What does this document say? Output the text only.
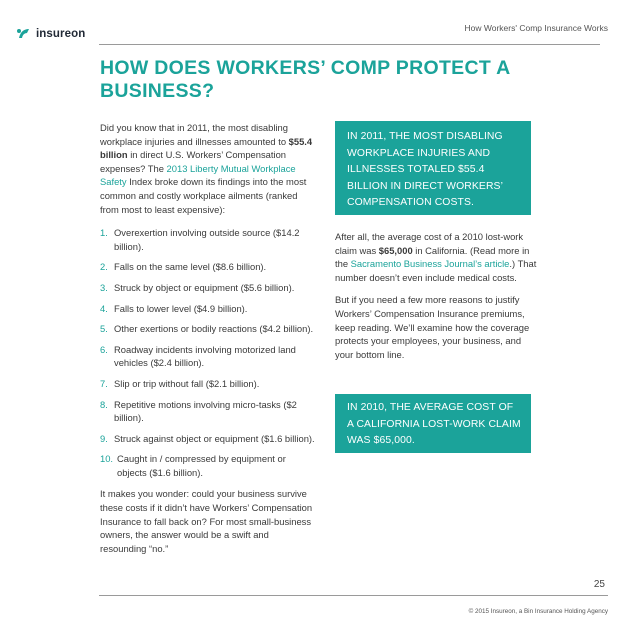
insureon	How Workers' Comp Insurance Works
HOW DOES WORKERS’ COMP PROTECT A BUSINESS?

Did you know that in 2011, the most disabling workplace injuries and illnesses amounted to $55.4 billion in direct U.S. Workers’ Compensation expenses? The 2013 Liberty Mutual Workplace Safety Index broke down its findings into the most common and costly workplace ailments (ranked from most to least expensive):

1. Overexertion involving outside source ($14.2 billion).
2. Falls on the same level ($8.6 billion).
3. Struck by object or equipment ($5.6 billion).
4. Falls to lower level ($4.9 billion).
5. Other exertions or bodily reactions ($4.2 billion).
6. Roadway incidents involving motorized land vehicles ($2.4 billion).
7. Slip or trip without fall ($2.1 billion).
8. Repetitive motions involving micro-tasks ($2 billion).
9. Struck against object or equipment ($1.6 billion).
10. Caught in / compressed by equipment or objects ($1.6 billion).

It makes you wonder: could your business survive these costs if it didn’t have Workers’ Compensation Insurance to fall back on? For most small-business owners, the answer would be a swift and resounding “no.”

IN 2011, THE MOST DISABLING WORKPLACE INJURIES AND ILLNESSES TOTALED $55.4 BILLION IN DIRECT WORKERS’ COMPENSATION COSTS.

After all, the average cost of a 2010 lost-work claim was $65,000 in California. (Read more in the Sacramento Business Journal’s article.) That number doesn’t even include medical costs.

But if you need a few more reasons to justify Workers’ Compensation Insurance premiums, keep reading. We’ll examine how the coverage protects your employees, your business, and your bottom line.

IN 2010, THE AVERAGE COST OF A CALIFORNIA LOST-WORK CLAIM WAS $65,000.
25
© 2015 Insureon, a Bin Insurance Holding Agency
